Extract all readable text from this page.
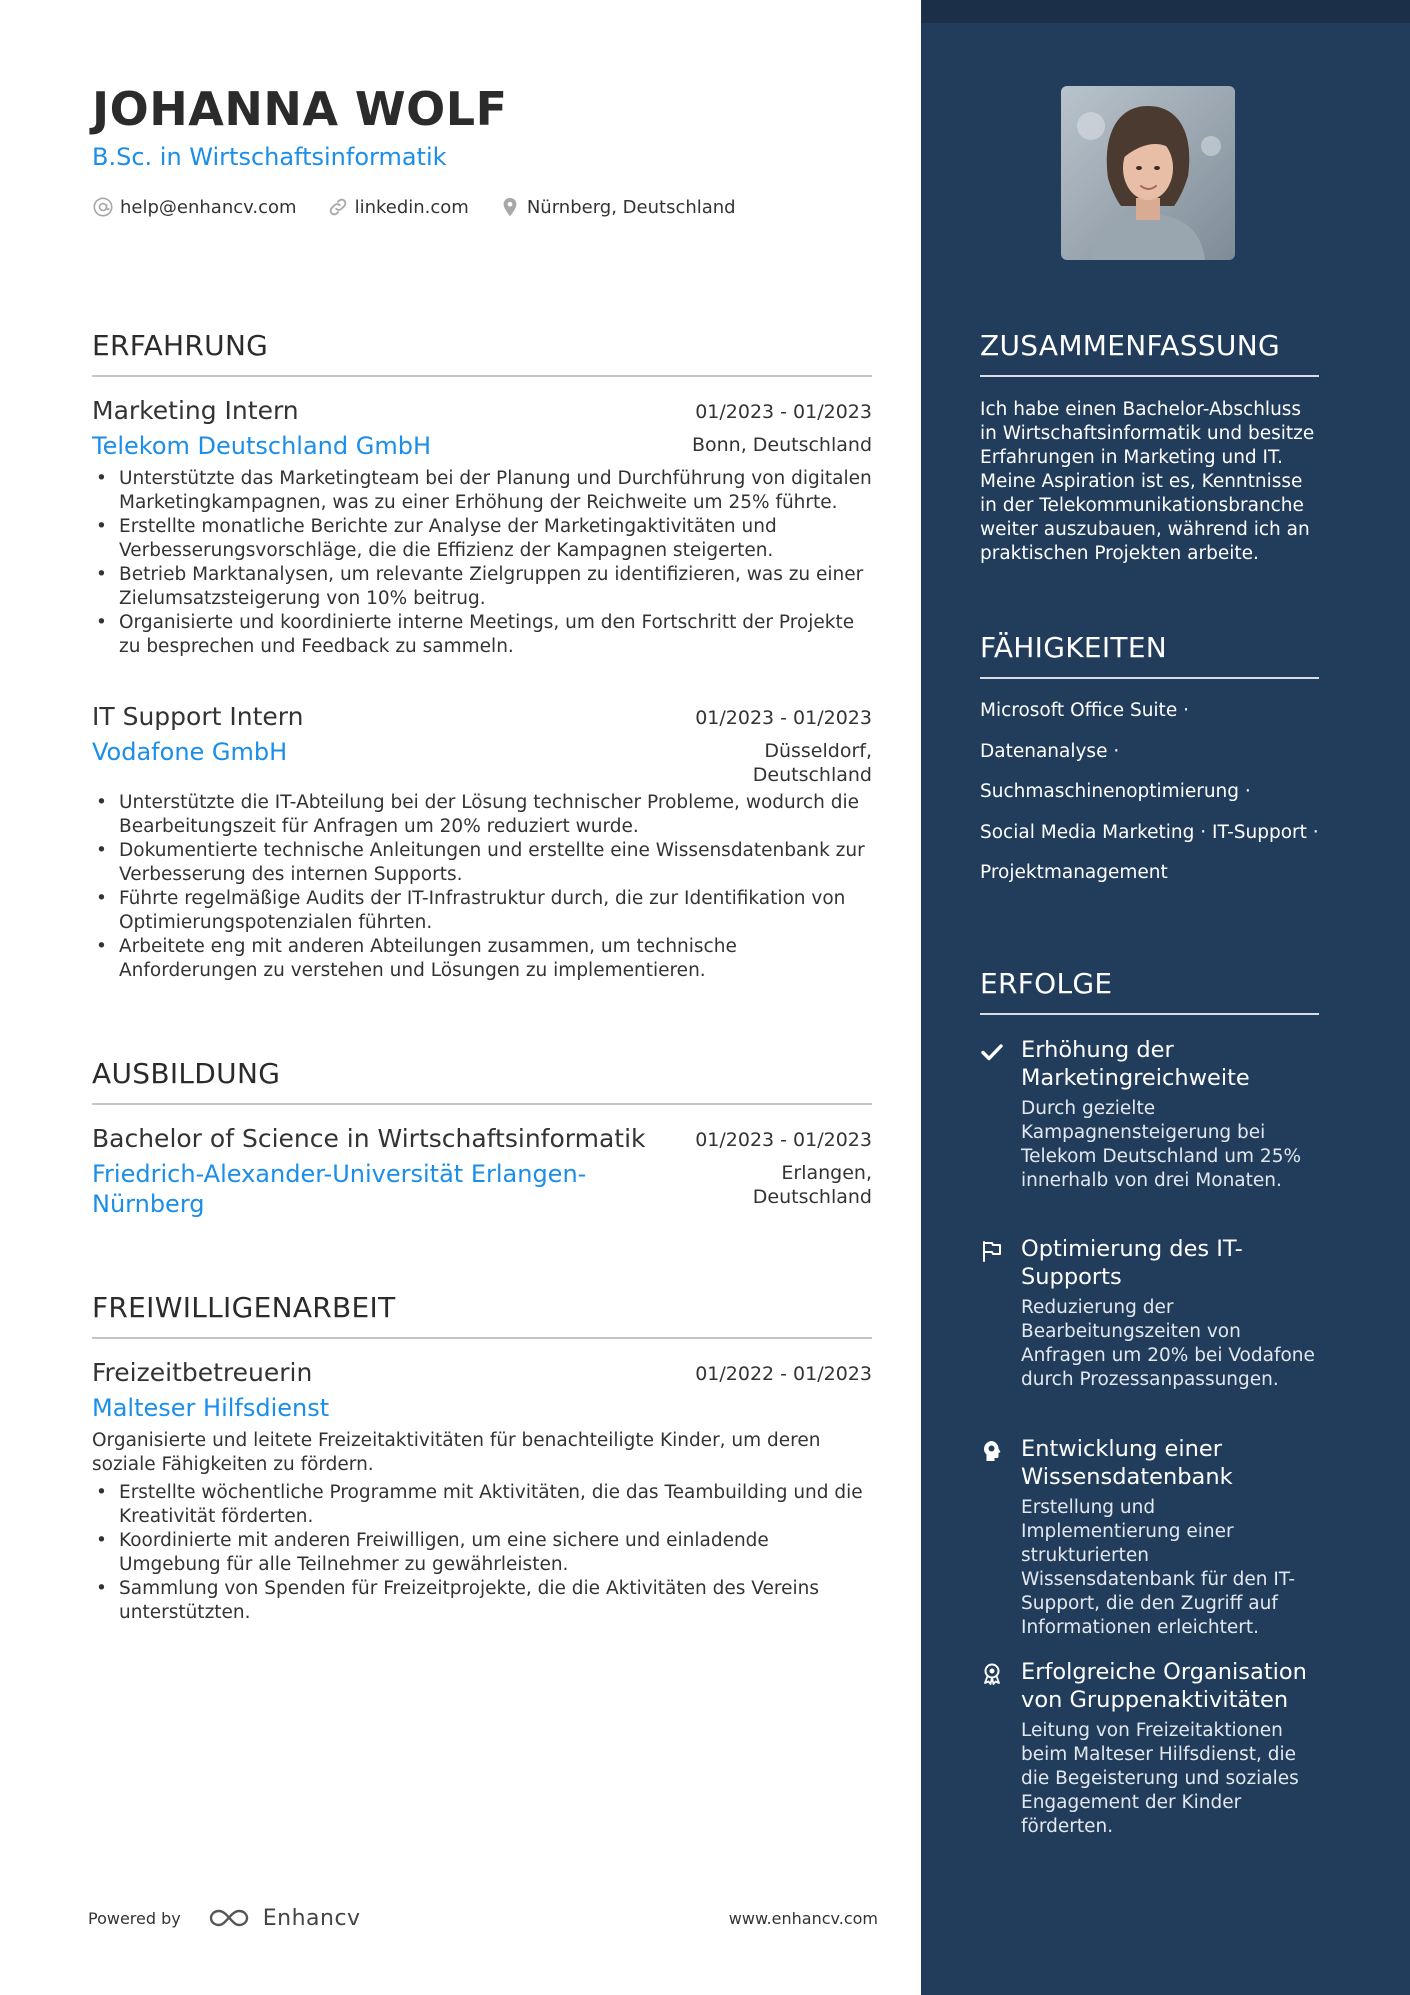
JOHANNA WOLF
B.Sc. in Wirtschaftsinformatik
help@enhancv.com	linkedin.com	Nürnberg, Deutschland
ERFAHRUNG
Marketing Intern	01/2023 - 01/2023
Telekom Deutschland GmbH	Bonn, Deutschland
• Unterstützte das Marketingteam bei der Planung und Durchführung von digitalen Marketingkampagnen, was zu einer Erhöhung der Reichweite um 25% führte.
• Erstellte monatliche Berichte zur Analyse der Marketingaktivitäten und Verbesserungsvorschläge, die die Effizienz der Kampagnen steigerten.
• Betrieb Marktanalysen, um relevante Zielgruppen zu identifizieren, was zu einer Zielumsatzsteigerung von 10% beitrug.
• Organisierte und koordinierte interne Meetings, um den Fortschritt der Projekte zu besprechen und Feedback zu sammeln.
IT Support Intern	01/2023 - 01/2023
Vodafone GmbH	Düsseldorf,
Deutschland
• Unterstützte die IT-Abteilung bei der Lösung technischer Probleme, wodurch die Bearbeitungszeit für Anfragen um 20% reduziert wurde.
• Dokumentierte technische Anleitungen und erstellte eine Wissensdatenbank zur Verbesserung des internen Supports.
• Führte regelmäßige Audits der IT-Infrastruktur durch, die zur Identifikation von Optimierungspotenzialen führten.
• Arbeitete eng mit anderen Abteilungen zusammen, um technische Anforderungen zu verstehen und Lösungen zu implementieren.
AUSBILDUNG
Bachelor of Science in Wirtschaftsinformatik	01/2023 - 01/2023
Friedrich-Alexander-Universität Erlangen-
Nürnberg
Erlangen,
Deutschland
FREIWILLIGENARBEIT
Freizeitbetreuerin	01/2022 - 01/2023
Malteser Hilfsdienst
Organisierte und leitete Freizeitaktivitäten für benachteiligte Kinder, um deren soziale Fähigkeiten zu fördern.
• Erstellte wöchentliche Programme mit Aktivitäten, die das Teambuilding und die Kreativität förderten.
• Koordinierte mit anderen Freiwilligen, um eine sichere und einladende Umgebung für alle Teilnehmer zu gewährleisten.
• Sammlung von Spenden für Freizeitprojekte, die die Aktivitäten des Vereins unterstützten.
Powered by	Enhancv	www.enhancv.com
ZUSAMMENFASSUNG
Ich habe einen Bachelor-Abschluss in Wirtschaftsinformatik und besitze Erfahrungen in Marketing und IT. Meine Aspiration ist es, Kenntnisse in der Telekommunikationsbranche weiter auszubauen, während ich an praktischen Projekten arbeite.
FÄHIGKEITEN
Microsoft Office Suite ·
Datenanalyse ·
Suchmaschinenoptimierung ·
Social Media Marketing · IT-Support ·
Projektmanagement
ERFOLGE
Erhöhung der Marketingreichweite
Durch gezielte Kampagnensteigerung bei Telekom Deutschland um 25% innerhalb von drei Monaten.
Optimierung des IT-Supports
Reduzierung der Bearbeitungszeiten von Anfragen um 20% bei Vodafone durch Prozessanpassungen.
Entwicklung einer Wissensdatenbank
Erstellung und Implementierung einer strukturierten Wissensdatenbank für den IT-Support, die den Zugriff auf Informationen erleichtert.
Erfolgreiche Organisation von Gruppenaktivitäten
Leitung von Freizeitaktionen beim Malteser Hilfsdienst, die die Begeisterung und soziales Engagement der Kinder förderten.
